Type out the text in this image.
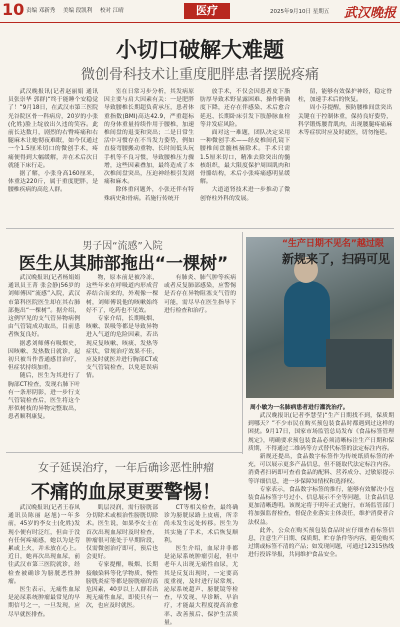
10 责编 邓新秀 美编 段凯利 校对 江晴	医疗	2025年9月10日 星期五 武汉晚报
小切口破解大难题
微创骨科技术让重度肥胖患者摆脱疼痛

武汉晚报讯(记者赵丽娟 通讯员张崇华 郭群)“终于能睡个安稳觉了！”9月18日，在武汉市第三医院光谷院区骨一科病房，20岁的小张(化姓)脸上绽放出久违的笑容。此前长达数月，剧烈的右臀疼痛和右腿麻木让她彻夜难眠，如今仅通过一个1.5厘米切口的微创手术，疼痛便得到大幅缓解，并在术后次日就能下床行走。

据了解，小张身高160厘米，体重达220斤，属于重度肥胖，是腰椎疾病的高危人群。

室在日常习步分析，其发病原因主要与肩大因素有关：一是肥胖导致腰椎长期超负荷承压，患者体重指数(BMI)高达42.9，严重超标的身体重量持续作用于腰椎，加速椎间盘的退变和突出；二是日常生活中习惯存在不当发力姿势，例如直接弯腰搬动重物、长时间低头玩手机等不良习惯，导致腰椎压力骤增，这些因素叠加，最终造成了本次椎间盘突出，压迫神经根引发剧痛和麻木。

除体重问题外，小张还伴有特殊病史和骨病。若施行传统开

放手术，不仅会因患者皮下脂肪厚导致术野显露困难、操作精确度下降，还存在伴感染、术后愈合延迟、长期卧床引发下肢静脉血栓等并发症风险。

面对这一难题，团队决定采用一种微创手术——经皮椎间孔镜下腰椎间盘髓核摘除术。手术只需1.5厘米切口，精准去除突出的髓核组织，最大限度保护周围肌肉和骨骼结构，术后小张疼痛感明显缓解。

大道道肾技术进一步推动了微创脊柱外科的发展。

留，能够有效保护神经，稳定脊柱，加速手术后的恢复。

周小芬提醒，预防腰椎间盘突出关键在于控制体重，保持良好姿势，科学锻炼腰背肌肉，出现腰腿疼痛麻木等症状时应及时就医，切勿拖延。

男子因“流感”入院
医生从其肺部拖出“一棵树”

武汉晚报讯(记者杨娟娟 通讯员王菁 张会静)56岁的刘师傅因“流感”入院，武汉市第科医院医生却在其右肺部拖出“一棵树”。据介绍，这例罕见的支气管异物病例由气管镜成功取出，目前患者恢复良好。

据悉刘师傅有吸烟史，因咳嗽、发热数日就诊，起初只被当作普通感冒治疗，但症状持续加重。

随后，医生为其进行了胸部CT检查，发现右肺下叶有一条形阴影，进一步行支气管镜检查后，医生将这个形似树枝的异物完整取出，患者顺利康复。

物，原本前是被冷冻，这些年来在呼吸道内形成营养结合而来的，外观像一棵树，刘师傅说他的咳嗽始终好不了，吃药也不见效。

专家介绍，长期吸烟、咳嗽、误吸等都是导致异物进入气道的危险因素，若出现反复咳嗽、咳痰、发热等症状，常规治疗效果不佳，应及时就医并进行胸部CT或支气管镜检查，以免延误病情。

有肺炎、肺气肿等疾病或者反复肺部感染，应警惕是否存在异物阻塞支气管的可能，需尽早在医生指导下进行检查和治疗。

周小敏为一名肺病患者进行灌洗治疗。
“生产日期不见名”越过限
新规来了，扫码可见
女子延误治疗，一年后确诊恶性肿瘤
不痛的血尿更要警惕！

武汉晚报讯(记者王春凤 通讯员陈丽 赵旭)一年多前，45岁的李女士(化姓)发现小便有时泛红，但由于没有任何疼痛感，她以为是劳累或上火，并未放在心上。近日，她再次出现血尿，前往武汉市第三医院就诊，经检查被确诊为膀胱恶性肿瘤。

医生表示，无痛性血尿是泌尿系统肿瘤最常见的早期信号之一，一旦发现，应尽早就医排查。

肌层浸润，需行膀胱部分切除术或根治性膀胱切除术。医生说，如果李女士在首次出现血尿时及时检查，肿瘤很可能处于早期阶段，仅需微创治疗即可，预后也会更好。

专家提醒，吸烟、长期接触染料等化学物质、慢性膀胱炎症等都是膀胱癌的高危因素，40岁以上人群若出现无痛性血尿，即使只有一次，也应及时就医。

CT等相关检查，最终确诊为膀胱尿路上皮癌，所幸尚未发生远处转移。医生为其实施了手术，术后恢复顺利。

医生介绍，血尿并非都是泌尿系统肿瘤引起，但中老年人出现无痛性血尿，尤其是反复出现时，一定要高度重视，及时进行尿常规、泌尿系统超声、膀胱镜等检查，早发现、早诊断、早治疗，才能最大程度提高治愈率、改善预后、保护生活质量。

武汉晚报讯(记者李慧莹)“生产日期找不到，保质期到哪天？”不少市民在购买预包装食品时都遇到过这样的困扰。9月17日，国家市场监管总局发布《食品标签管理规定》，明确要求预包装食品必须清晰标注生产日期和保质期，不得通过二维码等方式替代标签的法定标注内容。

新规还提出，食品数字标签作为传统纸质标签的补充，可以展示更多产品信息，但不能取代法定标注内容。消费者扫码即可查看食品的配料、营养成分、过敏原提示等详细信息，进一步保障知情权和选择权。

专家表示，食品数字标签的推行，能够有效解决小包装食品标签字号过小、信息展示不全等问题，让食品信息更加清晰透明。该规定将于明年正式施行，市场监管部门将加强监督检查，督促企业落实主体责任，维护消费者合法权益。

此外，公众在购买预包装食品时应仔细查看标签信息，注意生产日期、保质期、贮存条件等内容，避免购买过期或标签不清的产品；如发现问题，可通过12315热线进行投诉举报，共同维护食品安全。
